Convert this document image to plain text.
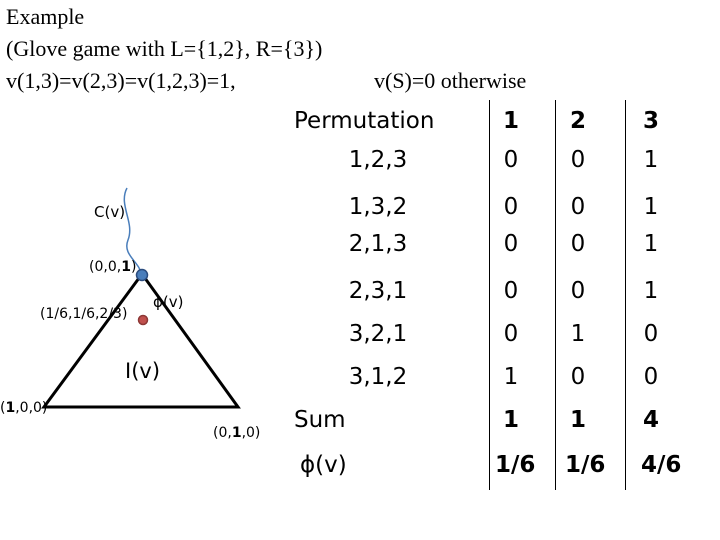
Example
(Glove game with L={1,2}, R={3})
v(1,3)=v(2,3)=v(1,2,3)=1,	v(S)=0 otherwise
C(v)
(0,0,1)
(1/6,1/6,2/3)
ϕ(v)
I(v)
(1,0,0)
(0,1,0)
Permutation	1	2	3
1,2,3	0	0	1
1,3,2	0	0	1
2,1,3	0	0	1
2,3,1	0	0	1
3,2,1	0	1	0
3,1,2	1	0	0
Sum	1	1	4
ϕ(v)	1/6	1/6	4/6
